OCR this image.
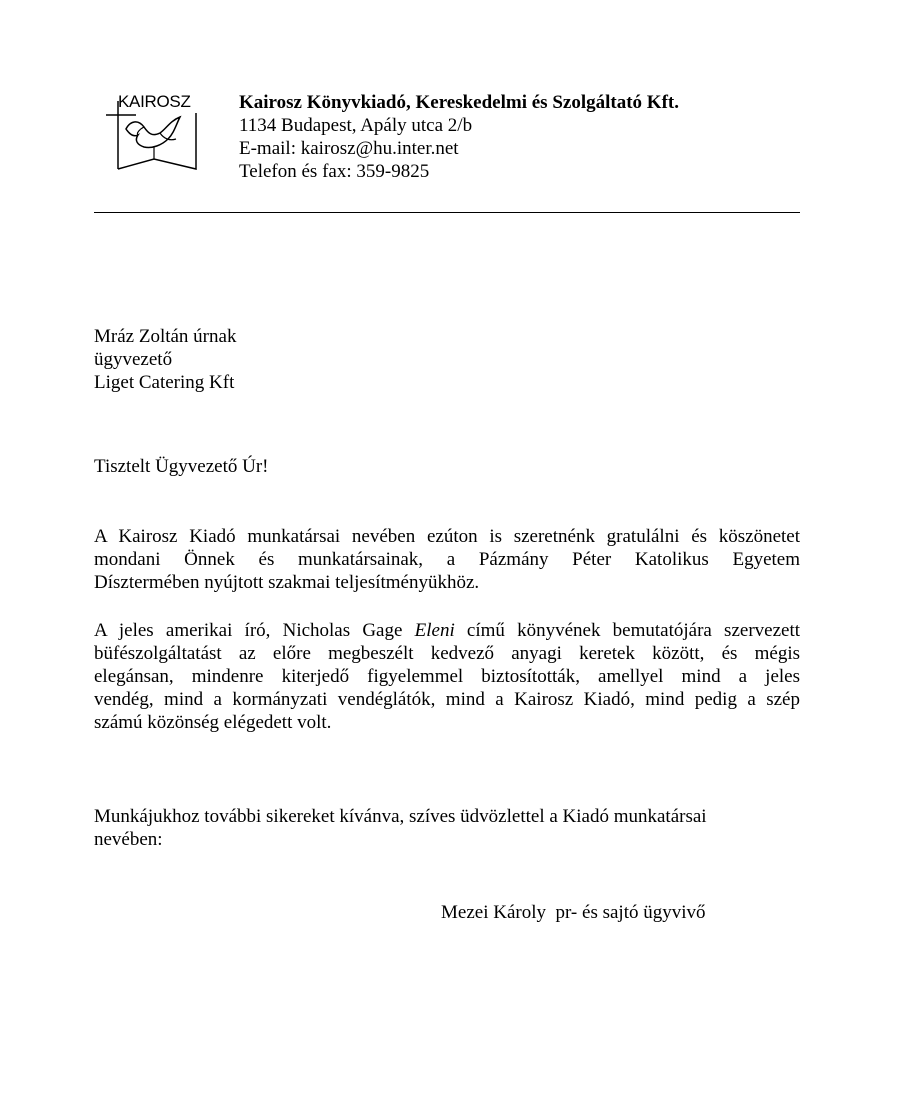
KAIROSZ	Kairosz Könyvkiadó, Kereskedelmi és Szolgáltató Kft.
1134 Budapest, Apály utca 2/b
E-mail: kairosz@hu.inter.net
Telefon és fax: 359-9825
Mráz Zoltán úrnak
ügyvezető
Liget Catering Kft
Tisztelt Ügyvezető Úr!
A Kairosz Kiadó munkatársai nevében ezúton is szeretnénk gratulálni és köszönetet
mondani Önnek és munkatársainak, a Pázmány Péter Katolikus Egyetem
Dísztermében nyújtott szakmai teljesítményükhöz.
A jeles amerikai író, Nicholas Gage Eleni című könyvének bemutatójára szervezett
büfészolgáltatást az előre megbeszélt kedvező anyagi keretek között, és mégis
elegánsan, mindenre kiterjedő figyelemmel biztosították, amellyel mind a jeles
vendég, mind a kormányzati vendéglátók, mind a Kairosz Kiadó, mind pedig a szép
számú közönség elégedett volt.
Munkájukhoz további sikereket kívánva, szíves üdvözlettel a Kiadó munkatársai
nevében:
Mezei Károly  pr- és sajtó ügyvivő
